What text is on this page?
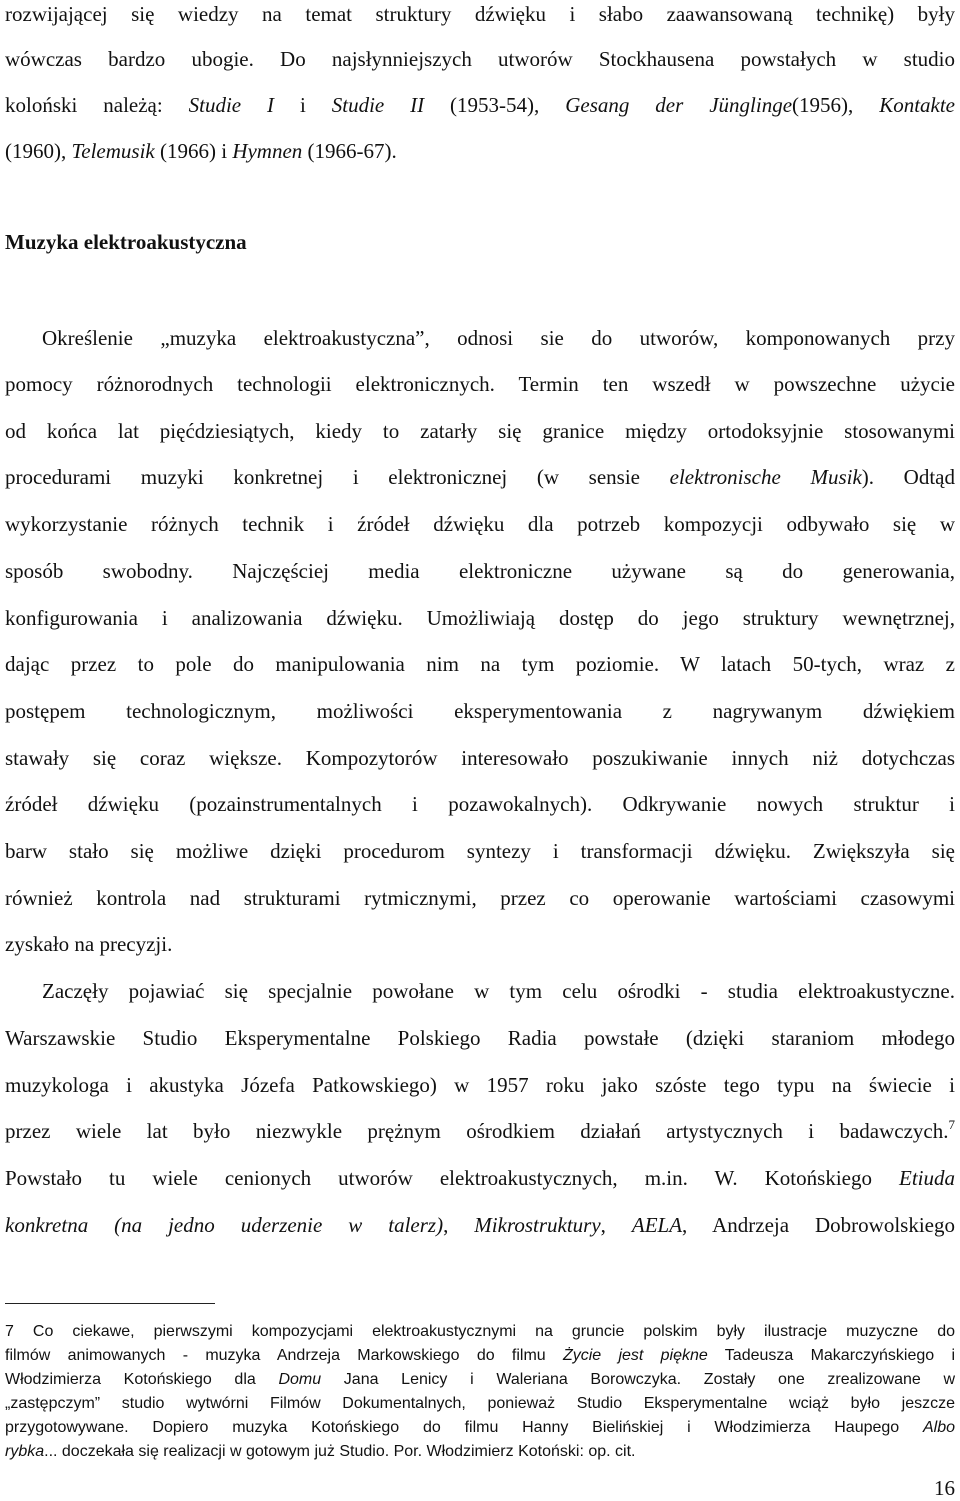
rozwijającej się wiedzy na temat struktury dźwięku i słabo zaawansowaną technikę) były
wówczas bardzo ubogie. Do najsłynniejszych utworów Stockhausena powstałych w studio
koloński należą: Studie I i Studie II (1953-54), Gesang der Jünglinge(1956), Kontakte
(1960), Telemusik (1966) i Hymnen (1966-67).
Muzyka elektroakustyczna
Określenie „muzyka elektroakustyczna”, odnosi sie do utworów, komponowanych przy
pomocy różnorodnych technologii elektronicznych. Termin ten wszedł w powszechne użycie
od końca lat pięćdziesiątych, kiedy to zatarły się granice między ortodoksyjnie stosowanymi
procedurami muzyki konkretnej i elektronicznej (w sensie elektronische Musik). Odtąd
wykorzystanie różnych technik i źródeł dźwięku dla potrzeb kompozycji odbywało się w
sposób swobodny. Najczęściej media elektroniczne używane są do generowania,
konfigurowania i analizowania dźwięku. Umożliwiają dostęp do jego struktury wewnętrznej,
dając przez to pole do manipulowania nim na tym poziomie. W latach 50-tych, wraz z
postępem technologicznym, możliwości eksperymentowania z nagrywanym dźwiękiem
stawały się coraz większe. Kompozytorów interesowało poszukiwanie innych niż dotychczas
źródeł dźwięku (pozainstrumentalnych i pozawokalnych). Odkrywanie nowych struktur i
barw stało się możliwe dzięki procedurom syntezy i transformacji dźwięku. Zwiększyła się
również kontrola nad strukturami rytmicznymi, przez co operowanie wartościami czasowymi
zyskało na precyzji.
Zaczęły pojawiać się specjalnie powołane w tym celu ośrodki - studia elektroakustyczne.
Warszawskie Studio Eksperymentalne Polskiego Radia powstałe (dzięki staraniom młodego
muzykologa i akustyka Józefa Patkowskiego) w 1957 roku jako szóste tego typu na świecie i
przez wiele lat było niezwykle prężnym ośrodkiem działań artystycznych i badawczych.$^7$
Powstało tu wiele cenionych utworów elektroakustycznych, m.in. W. Kotońskiego Etiuda
konkretna (na jedno uderzenie w talerz), Mikrostruktury, AELA, Andrzeja Dobrowolskiego
7 Co ciekawe, pierwszymi kompozycjami elektroakustycznymi na gruncie polskim były ilustracje muzyczne do
filmów animowanych - muzyka Andrzeja Markowskiego do filmu Życie jest piękne Tadeusza Makarczyńskiego i
Włodzimierza Kotońskiego dla Domu Jana Lenicy i Waleriana Borowczyka. Zostały one zrealizowane w
„zastępczym” studio wytwórni Filmów Dokumentalnych, ponieważ Studio Eksperymentalne wciąż było jeszcze
przygotowywane. Dopiero muzyka Kotońskiego do filmu Hanny Bielińskiej i Włodzimierza Haupego Albo
rybka... doczekała się realizacji w gotowym już Studio. Por. Włodzimierz Kotoński: op. cit.
16
